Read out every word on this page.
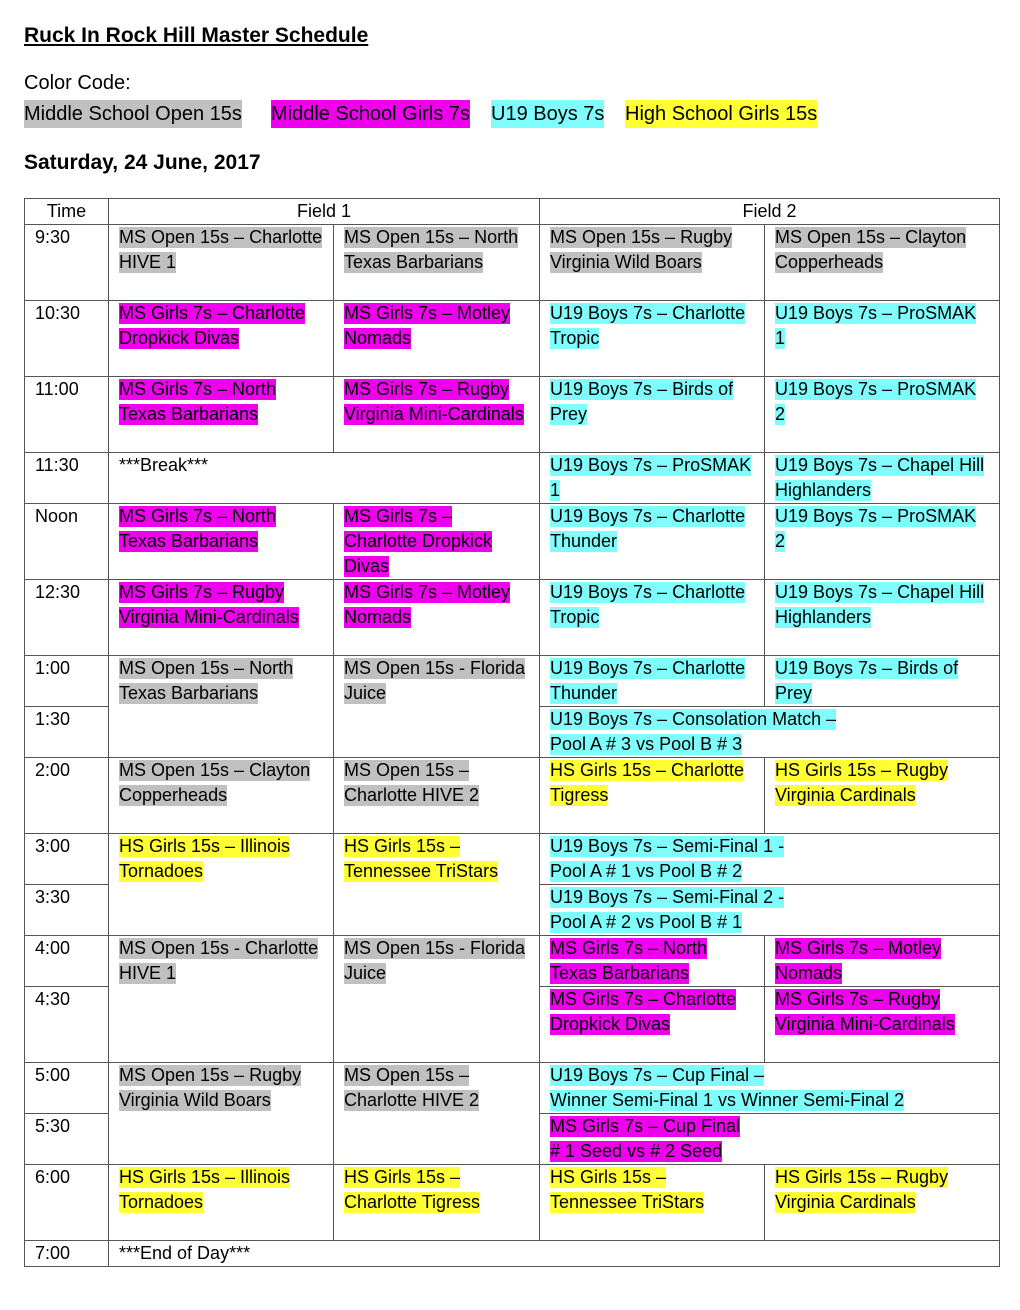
Ruck In Rock Hill Master Schedule
Color Code:
Middle School Open 15s Middle School Girls 7s U19 Boys 7s High School Girls 15s
Saturday, 24 June, 2017
Time	Field 1		Field 2	
9:30	MS Open 15s – Charlotte HIVE 1	MS Open 15s – North Texas Barbarians	MS Open 15s – Rugby Virginia Wild Boars	MS Open 15s – Clayton Copperheads
10:30	MS Girls 7s – Charlotte Dropkick Divas	MS Girls 7s – Motley Nomads	U19 Boys 7s – Charlotte Tropic	U19 Boys 7s – ProSMAK 1
11:00	MS Girls 7s – North Texas Barbarians	MS Girls 7s – Rugby Virginia Mini-Cardinals	U19 Boys 7s – Birds of Prey	U19 Boys 7s – ProSMAK 2
11:30	***Break***		U19 Boys 7s – ProSMAK 1	U19 Boys 7s – Chapel Hill Highlanders
Noon	MS Girls 7s – North Texas Barbarians	MS Girls 7s – Charlotte Dropkick Divas	U19 Boys 7s – Charlotte Thunder	U19 Boys 7s – ProSMAK 2
12:30	MS Girls 7s – Rugby Virginia Mini-Cardinals	MS Girls 7s – Motley Nomads	U19 Boys 7s – Charlotte Tropic	U19 Boys 7s – Chapel Hill Highlanders
1:00	MS Open 15s – North Texas Barbarians	MS Open 15s - Florida Juice	U19 Boys 7s – Charlotte Thunder	U19 Boys 7s – Birds of Prey
1:30			U19 Boys 7s – Consolation Match –
Pool A # 3 vs Pool B # 3	
2:00	MS Open 15s – Clayton Copperheads	MS Open 15s – Charlotte HIVE 2	HS Girls 15s – Charlotte Tigress	HS Girls 15s – Rugby Virginia Cardinals
3:00	HS Girls 15s – Illinois Tornadoes	HS Girls 15s – Tennessee TriStars	U19 Boys 7s – Semi-Final 1 -
Pool A # 1 vs Pool B # 2	
3:30			U19 Boys 7s – Semi-Final 2 -
Pool A # 2 vs Pool B # 1	
4:00	MS Open 15s - Charlotte HIVE 1	MS Open 15s - Florida Juice	MS Girls 7s – North Texas Barbarians	MS Girls 7s – Motley Nomads
4:30			MS Girls 7s – Charlotte Dropkick Divas	MS Girls 7s – Rugby Virginia Mini-Cardinals
5:00	MS Open 15s – Rugby Virginia Wild Boars	MS Open 15s – Charlotte HIVE 2	U19 Boys 7s – Cup Final –
Winner Semi-Final 1 vs Winner Semi-Final 2	
5:30			MS Girls 7s – Cup Final
# 1 Seed vs # 2 Seed	
6:00	HS Girls 15s – Illinois Tornadoes	HS Girls 15s – Charlotte Tigress	HS Girls 15s – Tennessee TriStars	HS Girls 15s – Rugby Virginia Cardinals
7:00	***End of Day***			
